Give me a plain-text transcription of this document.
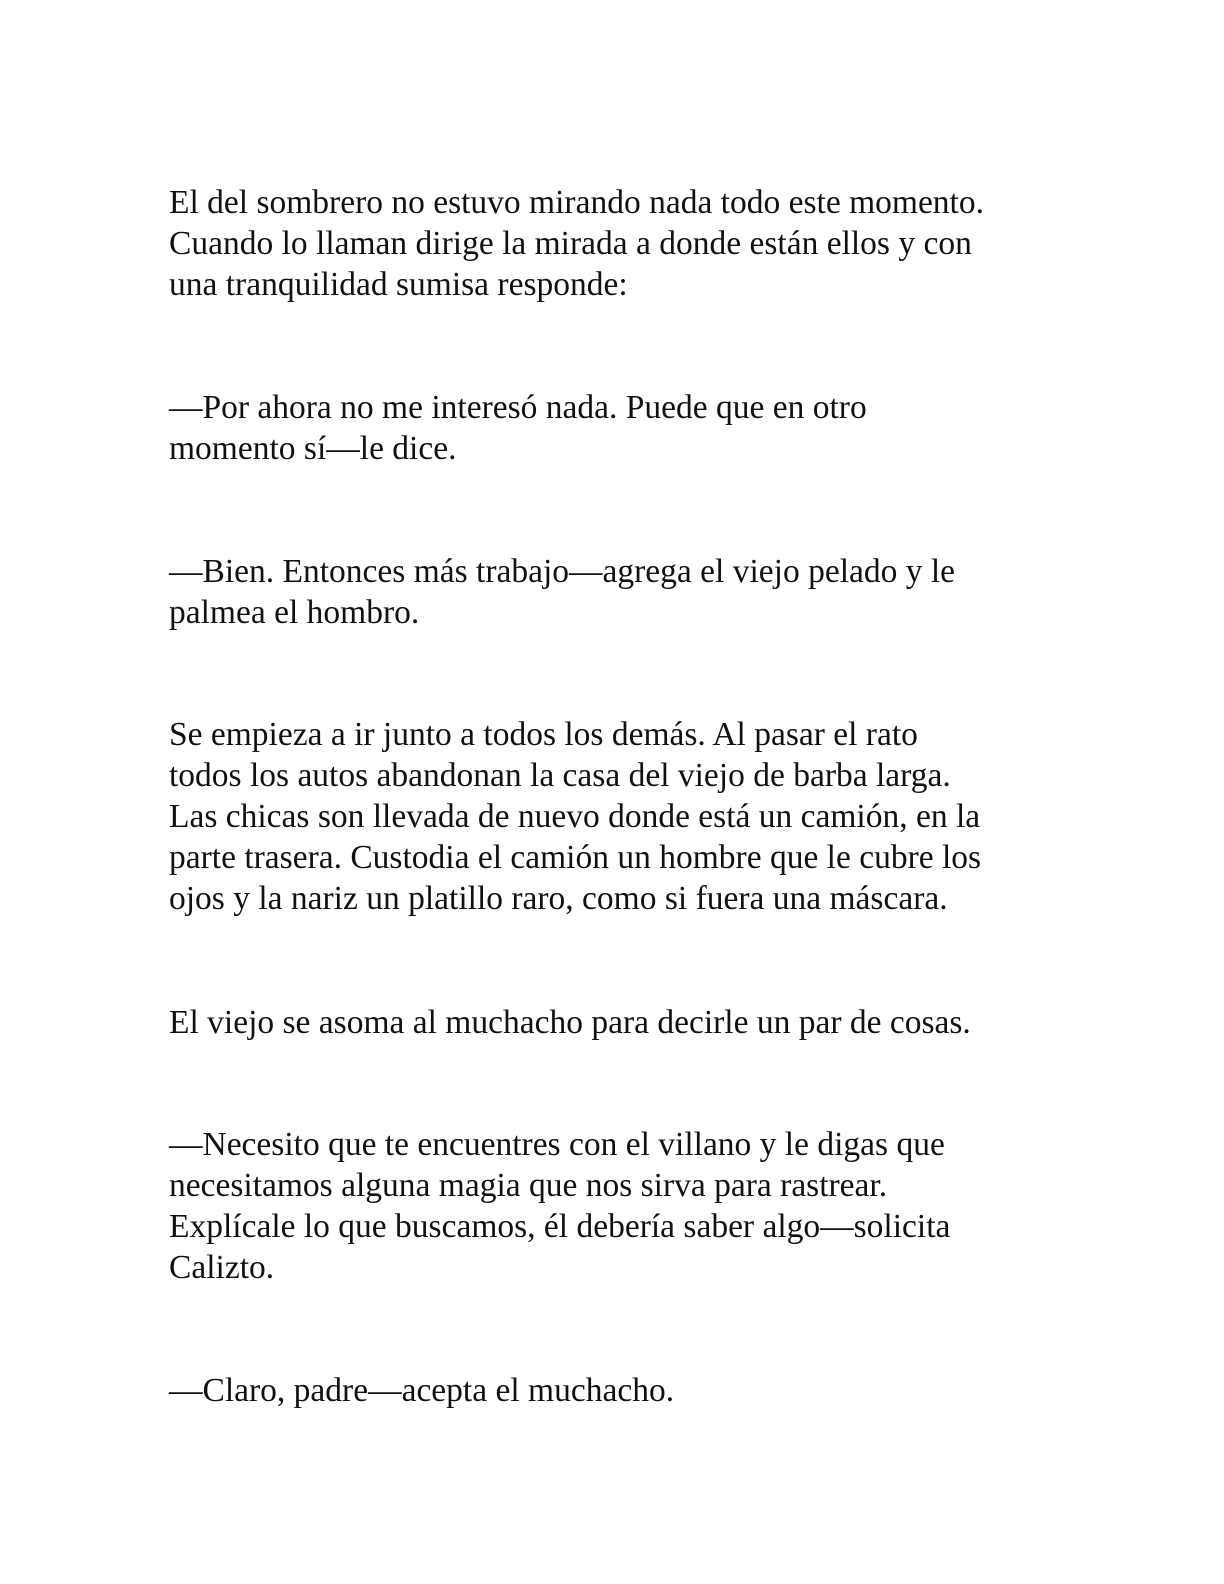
El del sombrero no estuvo mirando nada todo este momento.
Cuando lo llaman dirige la mirada a donde están ellos y con
una tranquilidad sumisa responde:

—Por ahora no me interesó nada. Puede que en otro
momento sí—le dice.

—Bien. Entonces más trabajo—agrega el viejo pelado y le
palmea el hombro.

Se empieza a ir junto a todos los demás. Al pasar el rato
todos los autos abandonan la casa del viejo de barba larga.
Las chicas son llevada de nuevo donde está un camión, en la
parte trasera. Custodia el camión un hombre que le cubre los
ojos y la nariz un platillo raro, como si fuera una máscara.

El viejo se asoma al muchacho para decirle un par de cosas.

—Necesito que te encuentres con el villano y le digas que
necesitamos alguna magia que nos sirva para rastrear.
Explícale lo que buscamos, él debería saber algo—solicita
Calizto.

—Claro, padre—acepta el muchacho.
